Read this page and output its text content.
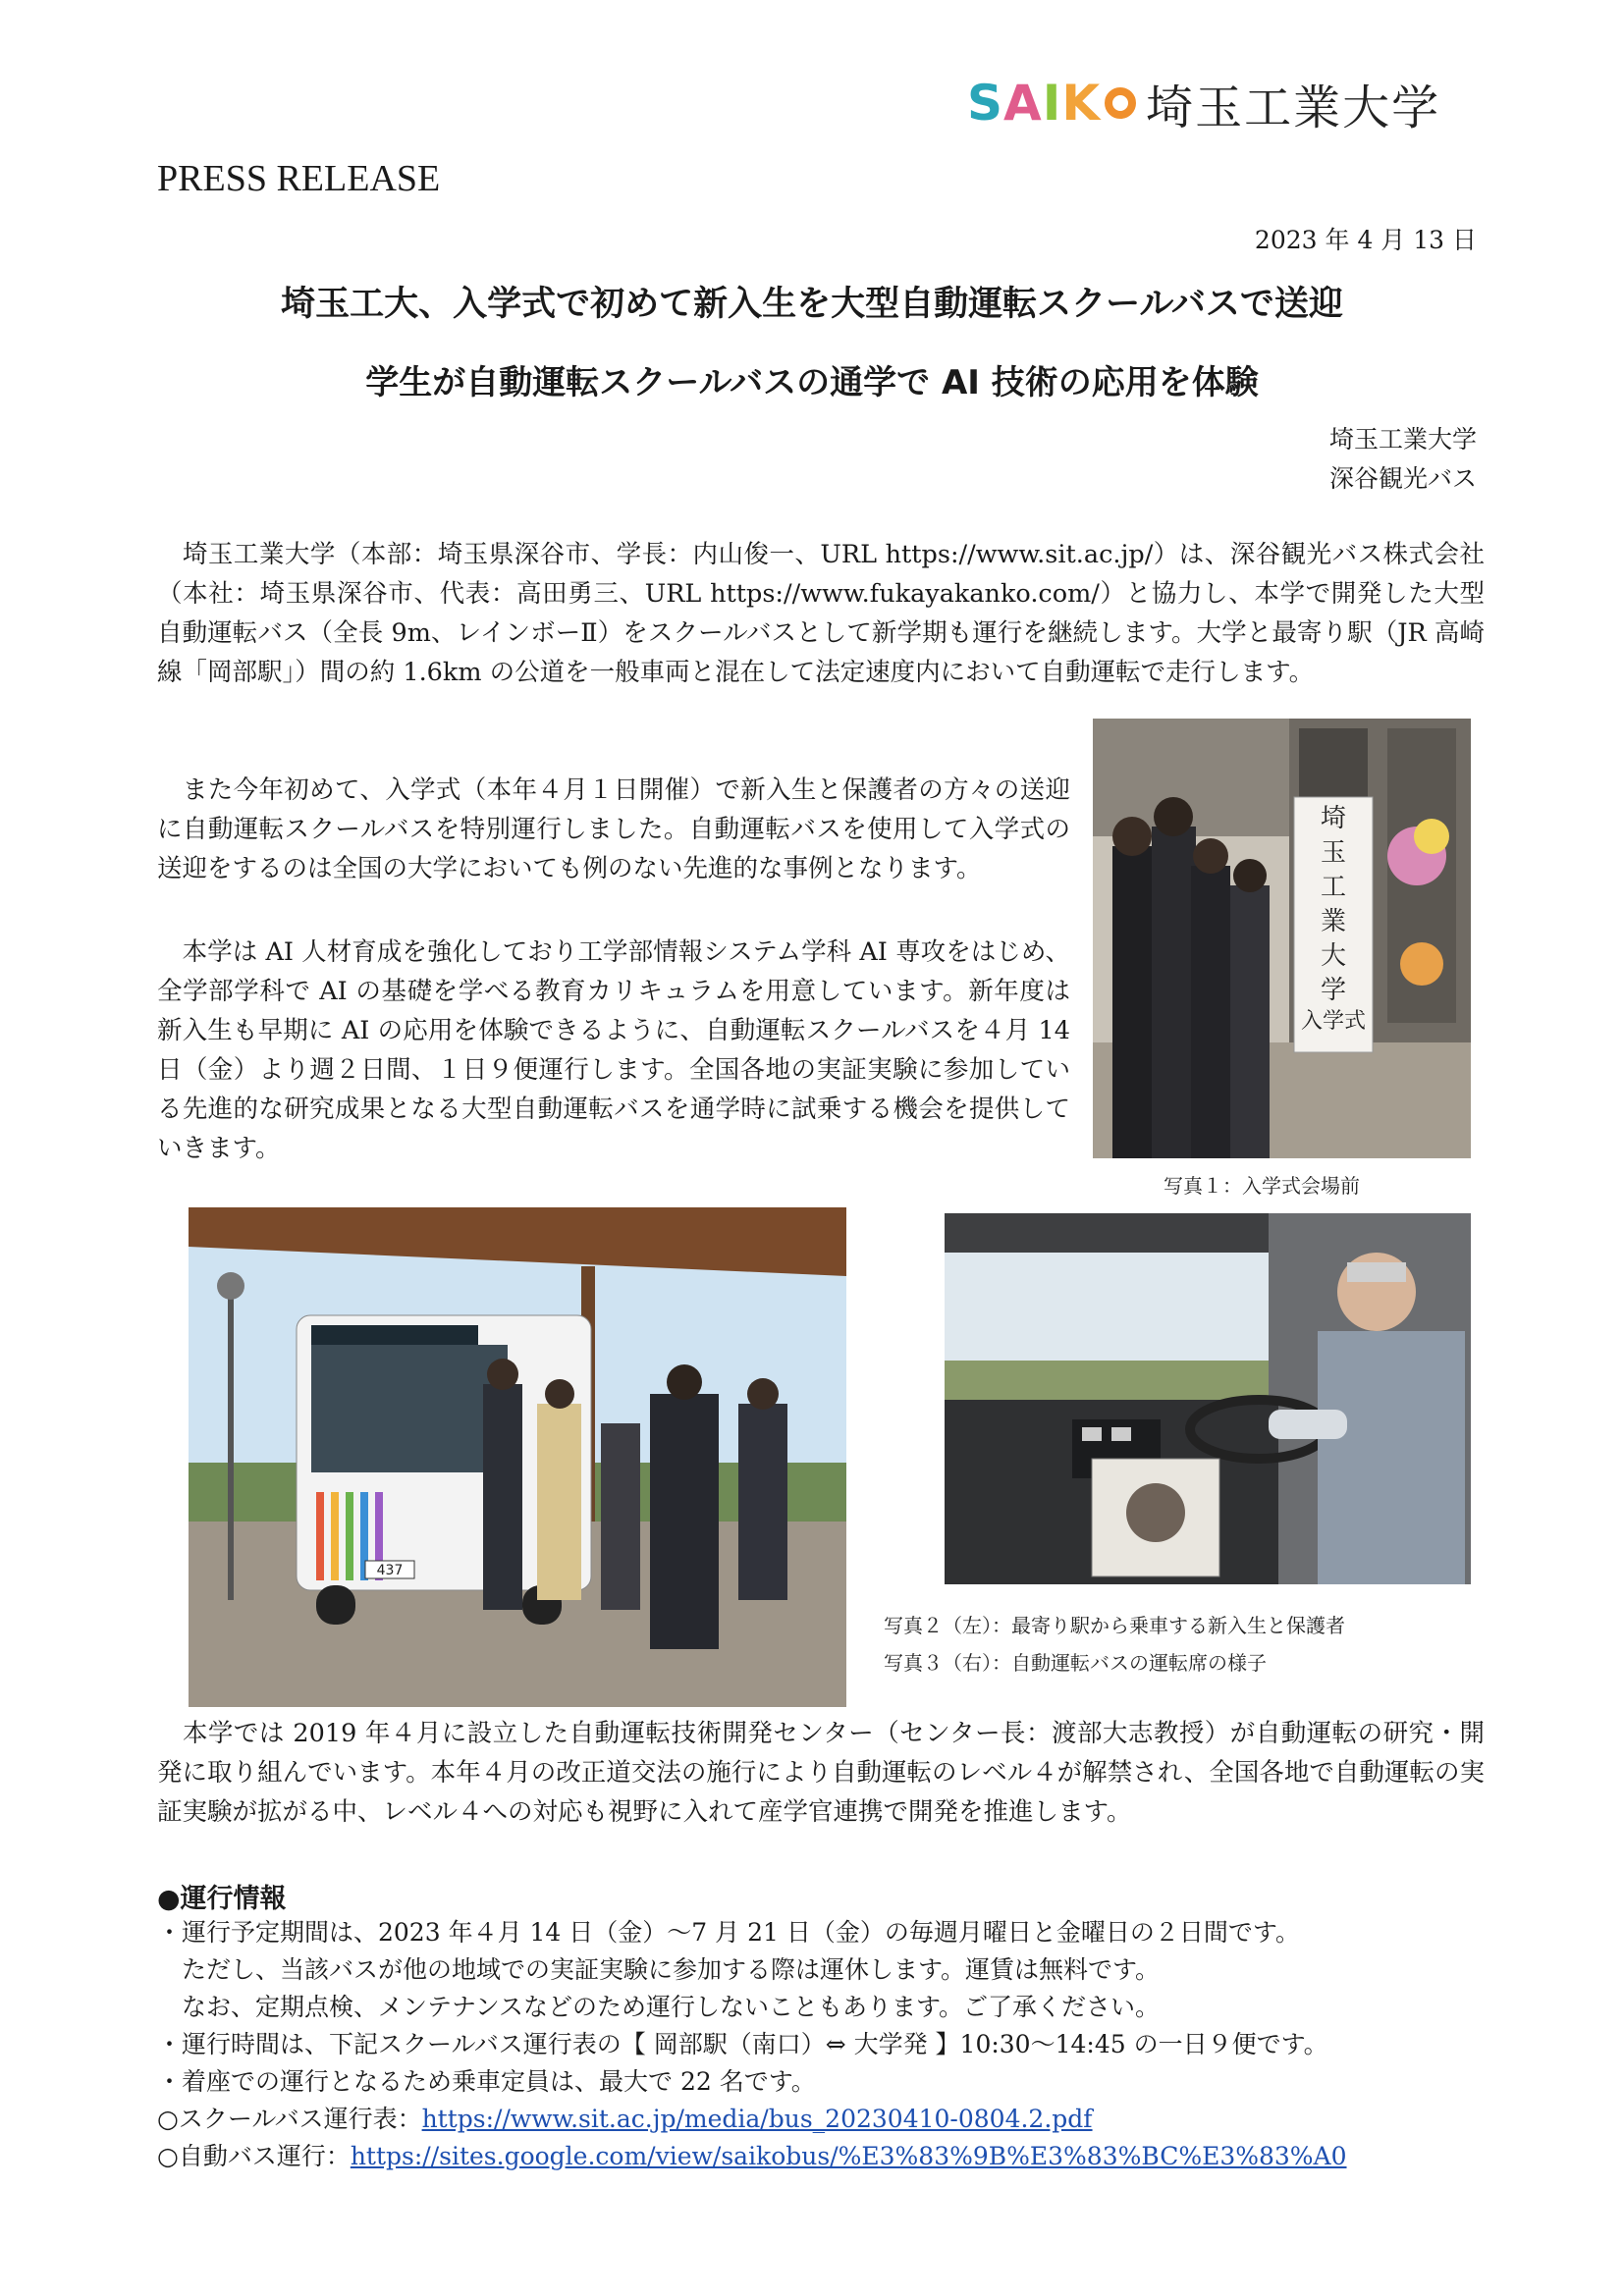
S A I K 埼玉工業大学
PRESS RELEASE
2023 年 4 月 13 日
埼玉工大、入学式で初めて新入生を大型自動運転スクールバスで送迎
学生が自動運転スクールバスの通学で AI 技術の応用を体験
埼玉工業大学
深谷観光バス
　埼玉工業大学（本部：埼玉県深谷市、学長：内山俊一、URL https://www.sit.ac.jp/）は、深谷観光バス株式会社（本社：埼玉県深谷市、代表：高田勇三、URL https://www.fukayakanko.com/）と協力し、本学で開発した大型自動運転バス（全長 9m、レインボーⅡ）をスクールバスとして新学期も運行を継続します。大学と最寄り駅（JR 高崎線「岡部駅」）間の約 1.6km の公道を一般車両と混在して法定速度内において自動運転で走行します。
　また今年初めて、入学式（本年４月１日開催）で新入生と保護者の方々の送迎に自動運転スクールバスを特別運行しました。自動運転バスを使用して入学式の送迎をするのは全国の大学においても例のない先進的な事例となります。
　本学は AI 人材育成を強化しており工学部情報システム学科 AI 専攻をはじめ、全学部学科で AI の基礎を学べる教育カリキュラムを用意しています。新年度は新入生も早期に AI の応用を体験できるように、自動運転スクールバスを４月 14 日（金）より週２日間、１日９便運行します。全国各地の実証実験に参加している先進的な研究成果となる大型自動運転バスを通学時に試乗する機会を提供していきます。
埼
玉
工
業
大
学
入学式
写真１：入学式会場前
437
写真２（左）：最寄り駅から乗車する新入生と保護者
写真３（右）：自動運転バスの運転席の様子
　本学では 2019 年４月に設立した自動運転技術開発センター（センター長：渡部大志教授）が自動運転の研究・開発に取り組んでいます。本年４月の改正道交法の施行により自動運転のレベル４が解禁され、全国各地で自動運転の実証実験が拡がる中、レベル４への対応も視野に入れて産学官連携で開発を推進します。
●運行情報
・運行予定期間は、2023 年４月 14 日（金）～7 月 21 日（金）の毎週月曜日と金曜日の２日間です。
　ただし、当該バスが他の地域での実証実験に参加する際は運休します。運賃は無料です。
　なお、定期点検、メンテナンスなどのため運行しないこともあります。ご了承ください。
・運行時間は、下記スクールバス運行表の【 岡部駅（南口）⇔ 大学発 】10:30～14:45 の一日９便です。
・着座での運行となるため乗車定員は、最大で 22 名です。
○スクールバス運行表：https://www.sit.ac.jp/media/bus_20230410-0804.2.pdf
○自動バス運行：https://sites.google.com/view/saikobus/%E3%83%9B%E3%83%BC%E3%83%A0
